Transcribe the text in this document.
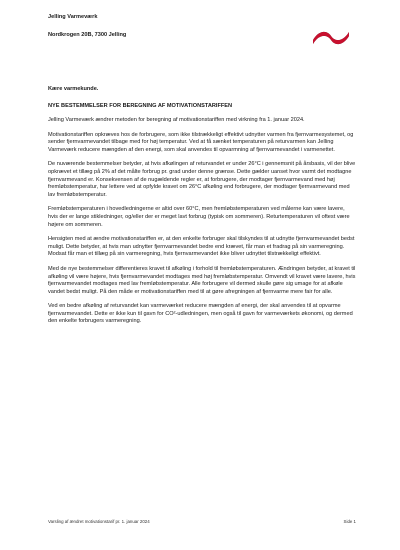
Jelling Varmeværk

Nordkrogen 20B, 7300 Jelling

Kære varmekunde.

NYE BESTEMMELSER FOR BEREGNING AF MOTIVATIONSTARIFFEN

Jelling Varmeværk ændrer metoden for beregning af motivationstariffen med virkning fra 1. januar 2024.

Motivationstariffen opkræves hos de forbrugere, som ikke tilstrækkeligt effektivt udnytter varmen fra fjernvarmesystemet, og sender fjernvarmevandet tilbage med for høj temperatur. Ved at få sænket temperaturen på returvarmen kan Jelling Varmeværk reducere mængden af den energi, som skal anvendes til opvarmning af fjernvarmevandet i varmenettet.

De nuværende bestemmelser betyder, at hvis afkølingen af returvandet er under 26°C i gennemsnit på årsbasis, vil der blive opkrævet et tillæg på 2% af det målte forbrug pr. grad under denne grænse. Dette gælder uanset hvor varmt det modtagne fjernvarmevand er. Konsekvensen af de nugældende regler er, at forbrugere, der modtager fjernvarmevand med høj fremløbstemperatur, har lettere ved at opfylde kravet om 26°C afkøling end forbrugere, der modtager fjernvarmevand med lav fremløbstemperatur.

Fremløbstemperaturen i hovedledningerne er altid over 60°C, men fremløbstemperaturen ved målerne kan være lavere, hvis der er lange stikledninger, og/eller der er meget lavt forbrug (typisk om sommeren). Returtemperaturen vil oftest være højere om sommeren.

Hensigten med at ændre motivationstariffen er, at den enkelte forbruger skal tilskyndes til at udnytte fjernvarmevandet bedst muligt. Dette betyder, at hvis man udnytter fjernvarmevandet bedre end krævet, får man et fradrag på sin varmeregning. Modsat får man et tillæg på sin varmeregning, hvis fjernvarmevandet ikke bliver udnyttet tilstrækkeligt effektivt.

Med de nye bestemmelser differentieres kravet til afkøling i forhold til fremløbstemperaturen. Ændringen betyder, at kravet til afkøling vil være højere, hvis fjernvarmevandet modtages med høj fremløbstemperatur. Omvendt vil kravet være lavere, hvis fjernvarmevandet modtages med lav fremløbstemperatur. Alle forbrugere vil dermed skulle gøre sig umage for at afkøle vandet bedst muligt. På den måde er motivationstariffen med til at gøre afregningen af fjernvarme mere fair for alle.

Ved en bedre afkøling af returvandet kan varmeværket reducere mængden af energi, der skal anvendes til at opvarme fjernvarmevandet. Dette er ikke kun til gavn for CO²-udledningen, men også til gavn for varmeværkets økonomi, og dermed den enkelte forbrugers varmeregning.

Varsling af ændret motivationstarif pr. 1. januar 2024	Side 1
